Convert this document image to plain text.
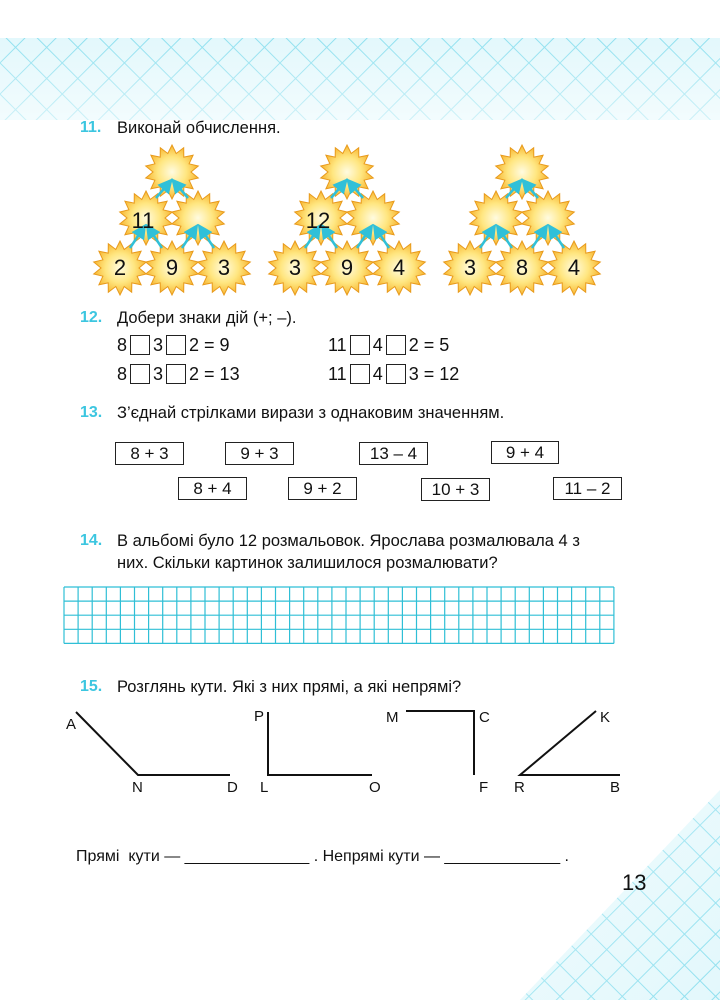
11. Виконай обчислення.
2	9	3
11
3	9	4
12
3	8	4
12. Добери знаки дій (+; –).
8 3 2 = 9
8 3 2 = 13
11 4 2 = 5
11 4 3 = 12
13. З’єднай стрілками вирази з однаковим значенням.
8 + 3	9 + 3	13 – 4	9 + 4
8 + 4	9 + 2	10 + 3	11 – 2
14. В альбомі було 12 розмальовок. Ярослава розмалювала 4 з
них. Скільки картинок залишилося розмалювати?
15. Розглянь кути. Які з них прямі, а які непрямі?
A
N	D
P
L	O
M	C
F
K
R	B
Прямі  кути — ______________ . Непрямі кути — _____________ .
13
